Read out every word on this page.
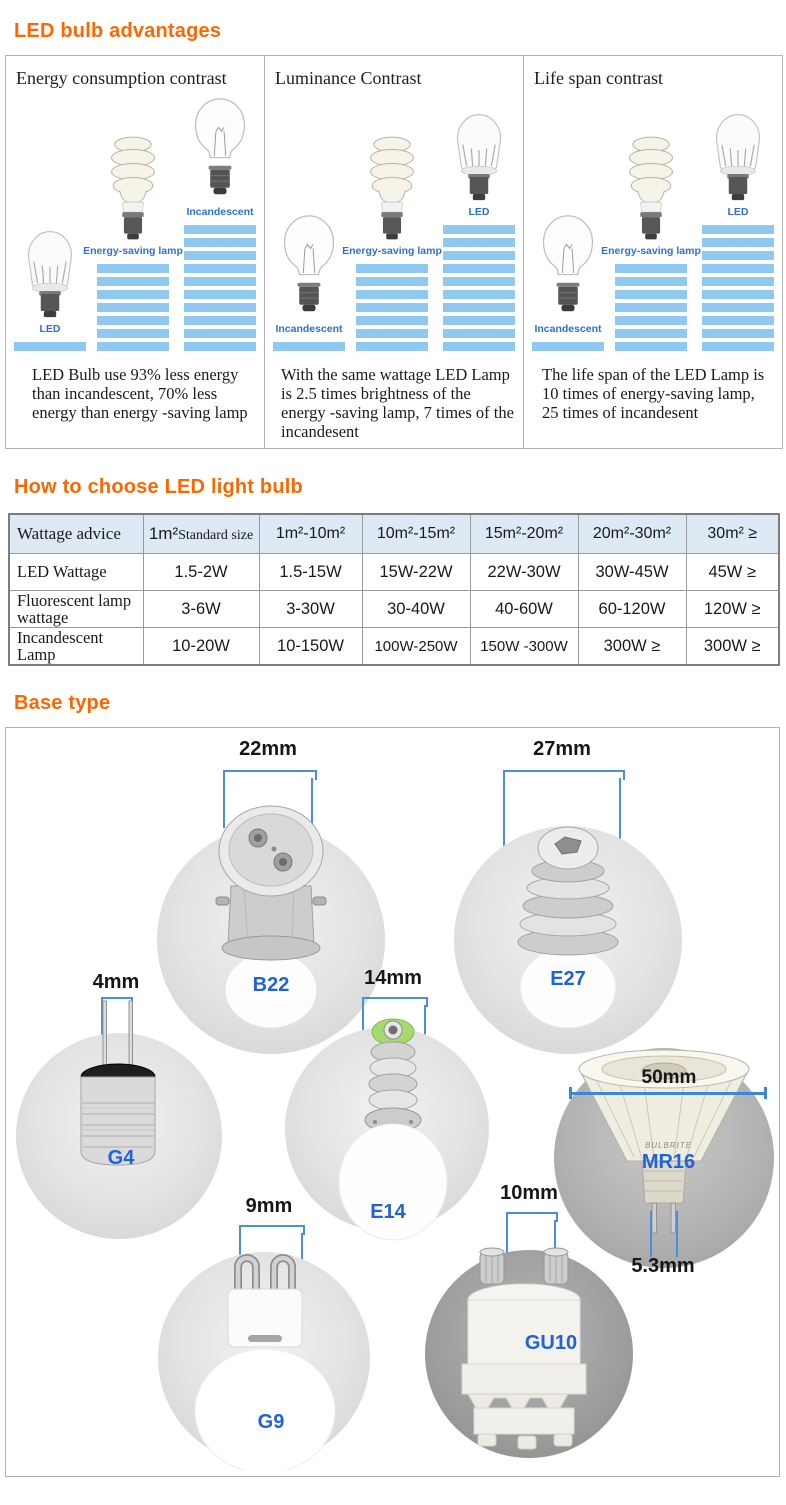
LED bulb advantages
Energy consumption contrast
LED
Energy-saving lamp
Incandescent
LED Bulb use 93% less energy than incandescent, 70% less energy than energy -saving lamp
Luminance Contrast
Incandescent
Energy-saving lamp
LED
With the same wattage LED Lamp is 2.5 times brightness of the energy -saving lamp, 7 times of the incandesent
Life span contrast
Incandescent
Energy-saving lamp
LED
The life span of the LED Lamp is 10 times of energy-saving lamp, 25 times of incandesent
How to choose LED light bulb
Wattage advice	1m²Standard size	1m²-10m²	10m²-15m²	15m²-20m²	20m²-30m²	30m² ≥
LED Wattage	1.5-2W	1.5-15W	15W-22W	22W-30W	30W-45W	45W ≥
Fluorescent lamp wattage	3-6W	3-30W	30-40W	40-60W	60-120W	120W ≥
Incandescent Lamp	10-20W	10-150W	100W-250W	150W -300W	300W ≥	300W ≥
Base type
22mm
B22
27mm
E27
4mm
G4
14mm
E14
50mm
BULBRITE
MR16
5.3mm
10mm
GU10
9mm
G9
